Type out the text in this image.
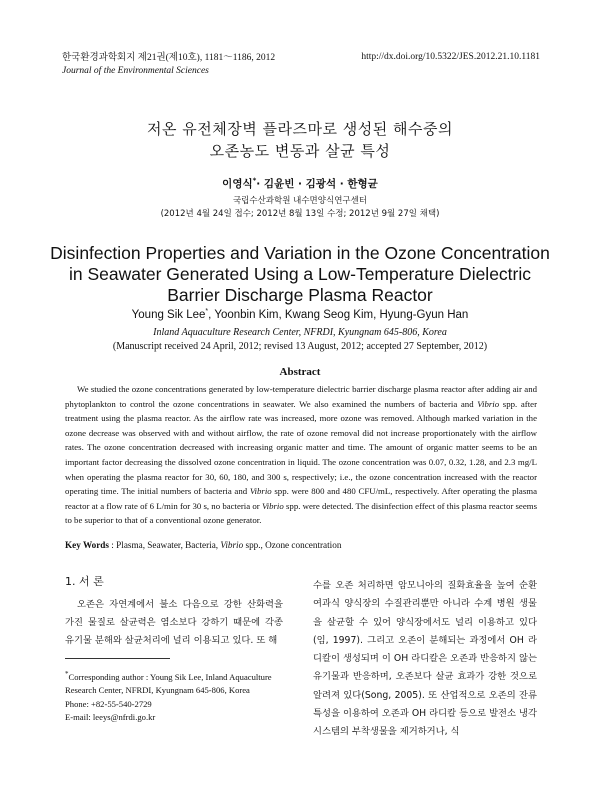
한국환경과학회지 제21권(제10호), 1181～1186, 2012
Journal of the Environmental Sciences
http://dx.doi.org/10.5322/JES.2012.21.10.1181
저온 유전체장벽 플라즈마로 생성된 해수중의
오존농도 변동과 살균 특성
이영식*· 김윤빈 · 김광석 · 한형균
국립수산과학원 내수면양식연구센터
(2012년 4월 24일 접수; 2012년 8월 13일 수정; 2012년 9월 27일 채택)
Disinfection Properties and Variation in the Ozone Concentration
in Seawater Generated Using a Low-Temperature Dielectric
Barrier Discharge Plasma Reactor
Young Sik Lee*, Yoonbin Kim, Kwang Seog Kim, Hyung-Gyun Han
Inland Aquaculture Research Center, NFRDI, Kyungnam 645-806, Korea
(Manuscript received 24 April, 2012; revised 13 August, 2012; accepted 27 September, 2012)
Abstract

We studied the ozone concentrations generated by low-temperature dielectric barrier discharge plasma reactor after adding air and phytoplankton to control the ozone concentrations in seawater. We also examined the numbers of bacteria and Vibrio spp. after treatment using the plasma reactor. As the airflow rate was increased, more ozone was removed. Although marked variation in the ozone decrease was observed with and without airflow, the rate of ozone removal did not increase proportionately with the airflow rates. The ozone concentration decreased with increasing organic matter and time. The amount of organic matter seems to be an important factor decreasing the dissolved ozone concentration in liquid. The ozone concentration was 0.07, 0.32, 1.28, and 2.3 mg/L when operating the plasma reactor for 30, 60, 180, and 300 s, respectively; i.e., the ozone concentration increased with the reactor operating time. The initial numbers of bacteria and Vibrio spp. were 800 and 480 CFU/mL, respectively. After operating the plasma reactor at a flow rate of 6 L/min for 30 s, no bacteria or Vibrio spp. were detected. The disinfection effect of this plasma reactor seems to be superior to that of a conventional ozone generator.

Key Words : Plasma, Seawater, Bacteria, Vibrio spp., Ozone concentration
1. 서 론

오존은 자연계에서 불소 다음으로 강한 산화력을 가진 물질로 살균력은 염소보다 강하기 때문에 각종 유기물 분해와 살균처리에 널리 이용되고 있다. 또 해

*Corresponding author : Young Sik Lee, Inland Aquaculture
Research Center, NFRDI, Kyungnam 645-806, Korea
Phone: +82-55-540-2729
E-mail: leeys@nfrdi.go.kr

수를 오존 처리하면 암모니아의 질화효율을 높여 순환 여과식 양식장의 수질관리뿐만 아니라 수계 병원 생물을 살균할 수 있어 양식장에서도 널리 이용하고 있다(임, 1997). 그리고 오존이 분해되는 과정에서 OH 라디칼이 생성되며 이 OH 라디칼은 오존과 반응하지 않는 유기물과 반응하며, 오존보다 살균 효과가 강한 것으로 알려져 있다(Song, 2005). 또 산업적으로 오존의 잔류 특성을 이용하여 오존과 OH 라디칼 등으로 발전소 냉각 시스템의 부착생물을 제거하거나, 식
